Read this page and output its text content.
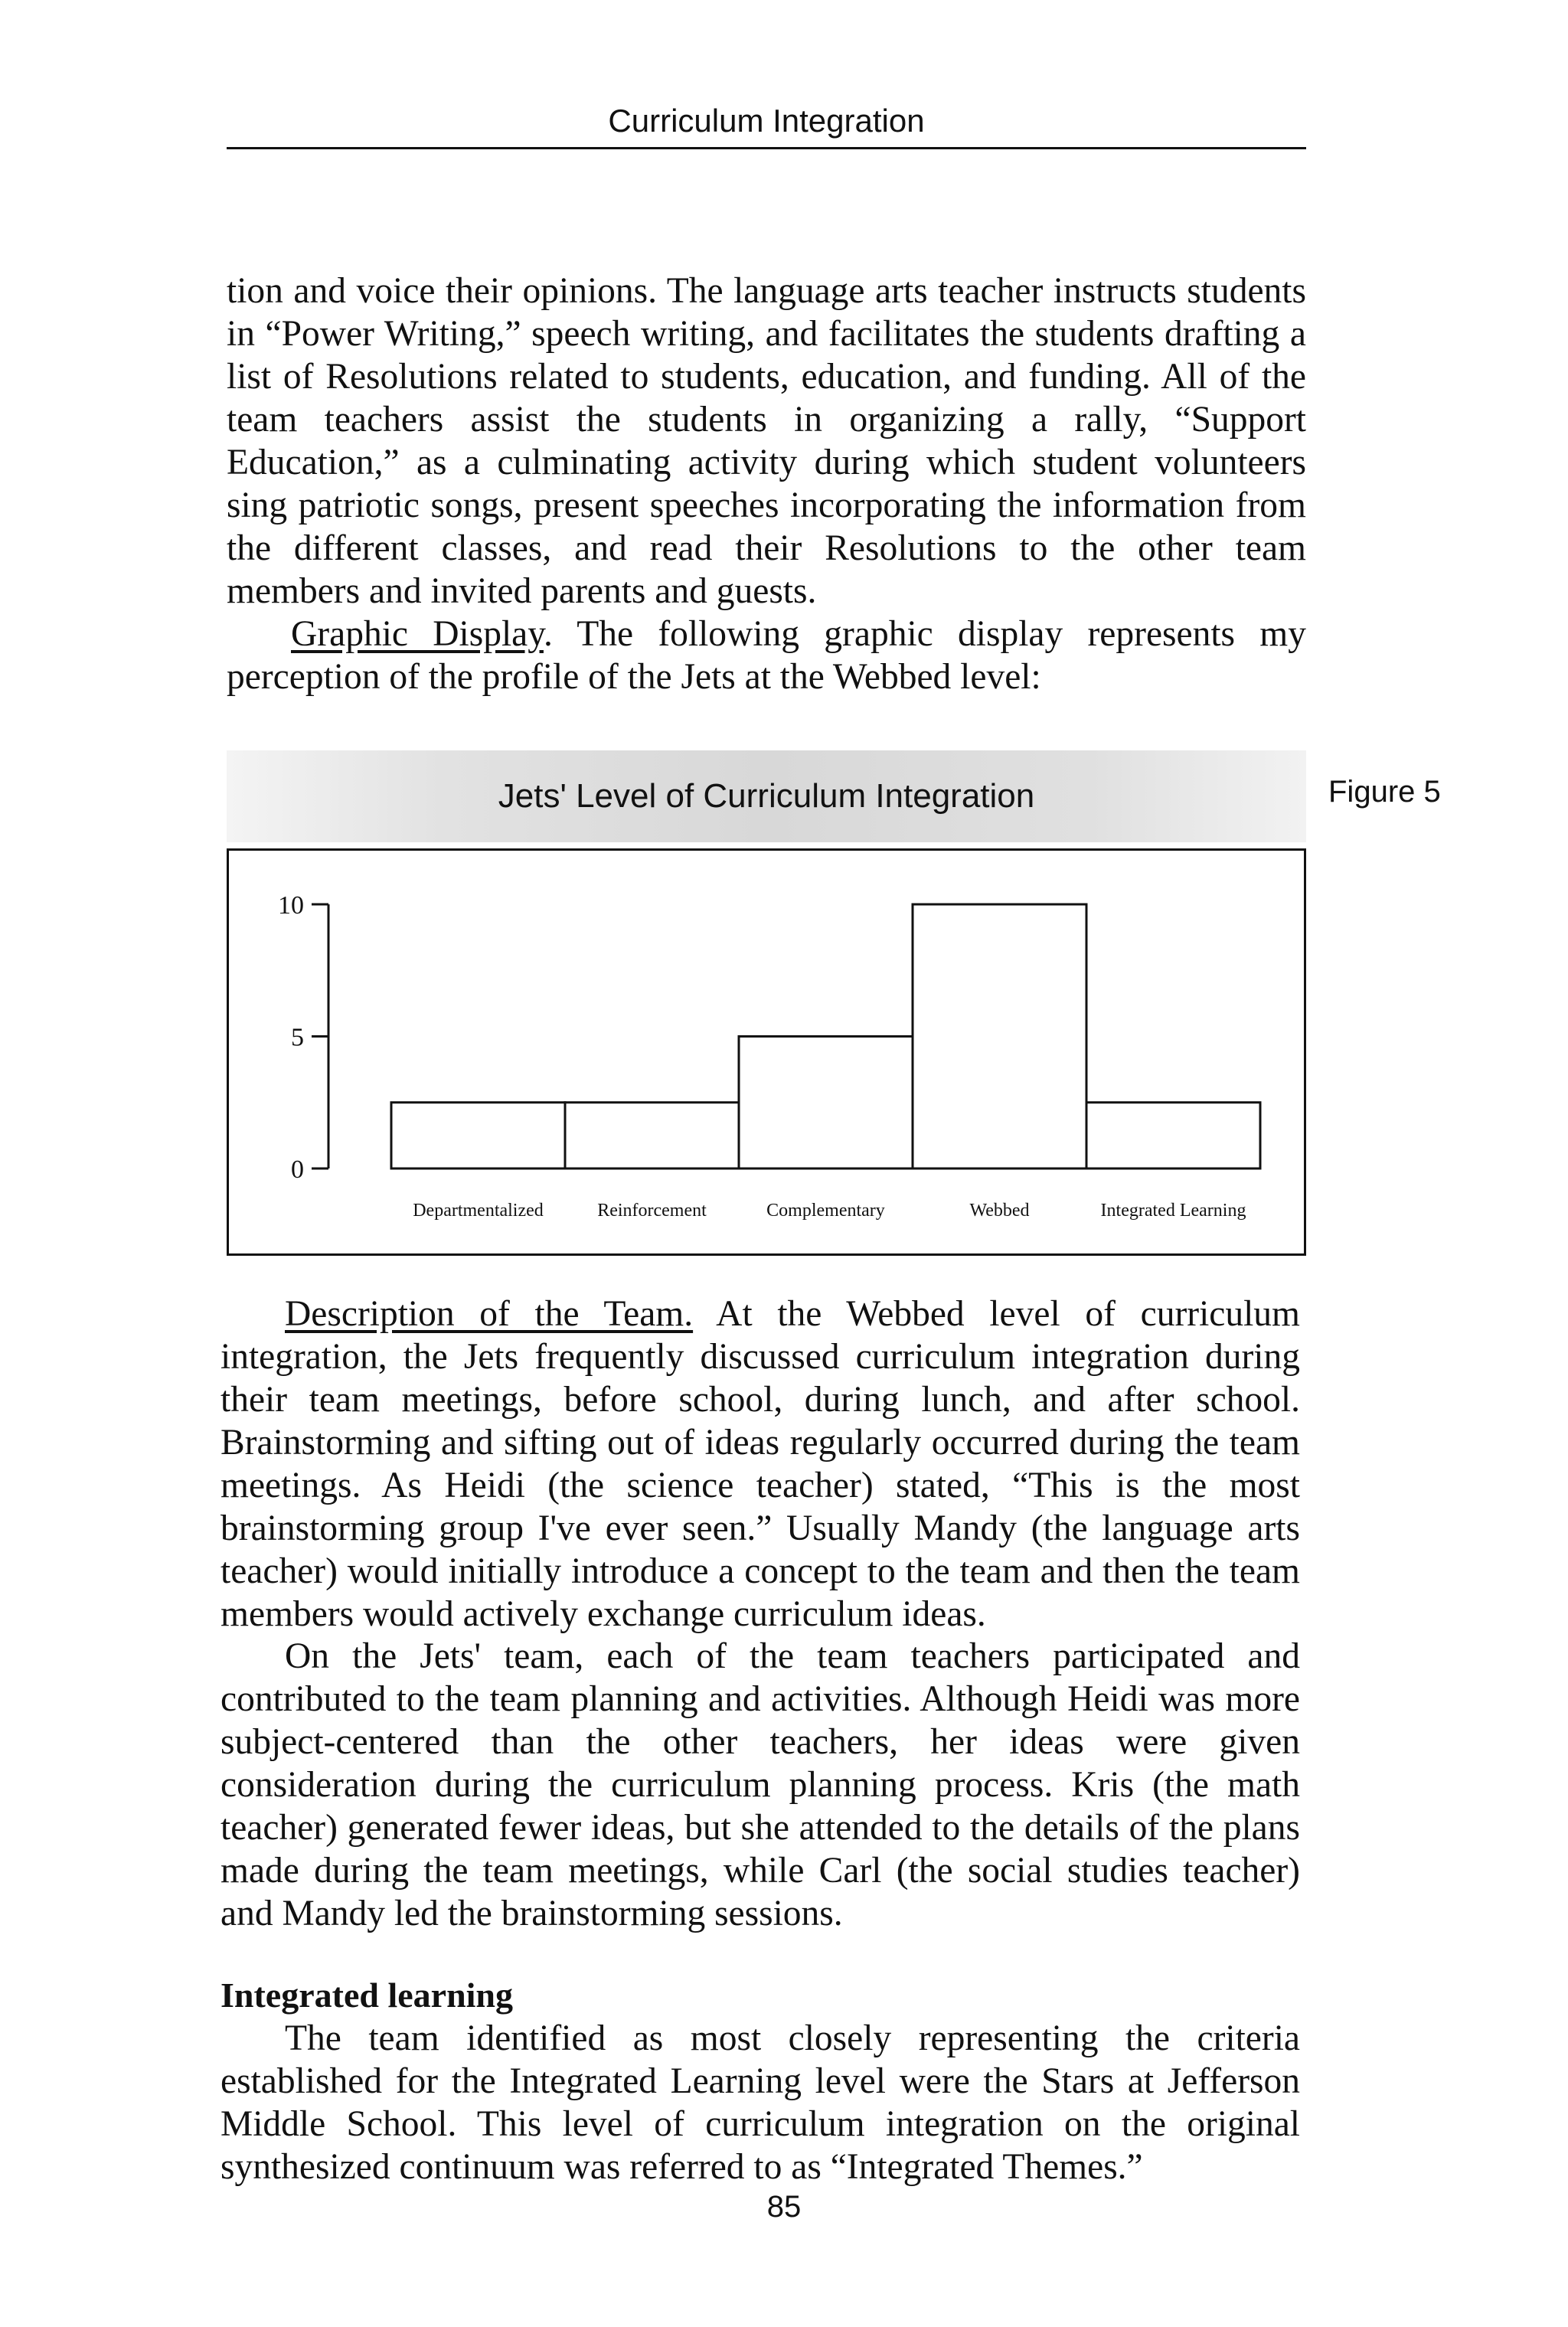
Curriculum Integration

tion and voice their opinions. The language arts teacher instructs students in “Power Writing,” speech writing, and facilitates the students drafting a list of Resolutions related to students, education, and funding. All of the team teachers assist the students in organizing a rally, “Support Education,” as a culminating activity during which student volunteers sing patriotic songs, present speeches incorporating the information from the different classes, and read their Resolutions to the other team members and invited parents and guests.

Graphic Display. The following graphic display represents my perception of the profile of the Jets at the Webbed level:

Jets' Level of Curriculum Integration	Figure 5
0
5
10
Departmentalized	Reinforcement	Complementary	Webbed	Integrated Learning

Description of the Team. At the Webbed level of curriculum integration, the Jets frequently discussed curriculum integration during their team meetings, before school, during lunch, and after school. Brainstorming and sifting out of ideas regularly occurred during the team meetings. As Heidi (the science teacher) stated, “This is the most brainstorming group I've ever seen.” Usually Mandy (the language arts teacher) would initially introduce a concept to the team and then the team members would actively exchange curriculum ideas.

On the Jets' team, each of the team teachers participated and contributed to the team planning and activities. Although Heidi was more subject-centered than the other teachers, her ideas were given consideration during the curriculum planning process. Kris (the math teacher) generated fewer ideas, but she attended to the details of the plans made during the team meetings, while Carl (the social studies teacher) and Mandy led the brainstorming sessions.

Integrated learning

The team identified as most closely representing the criteria established for the Integrated Learning level were the Stars at Jefferson Middle School. This level of curriculum integration on the original synthesized continuum was referred to as “Integrated Themes.”

85
